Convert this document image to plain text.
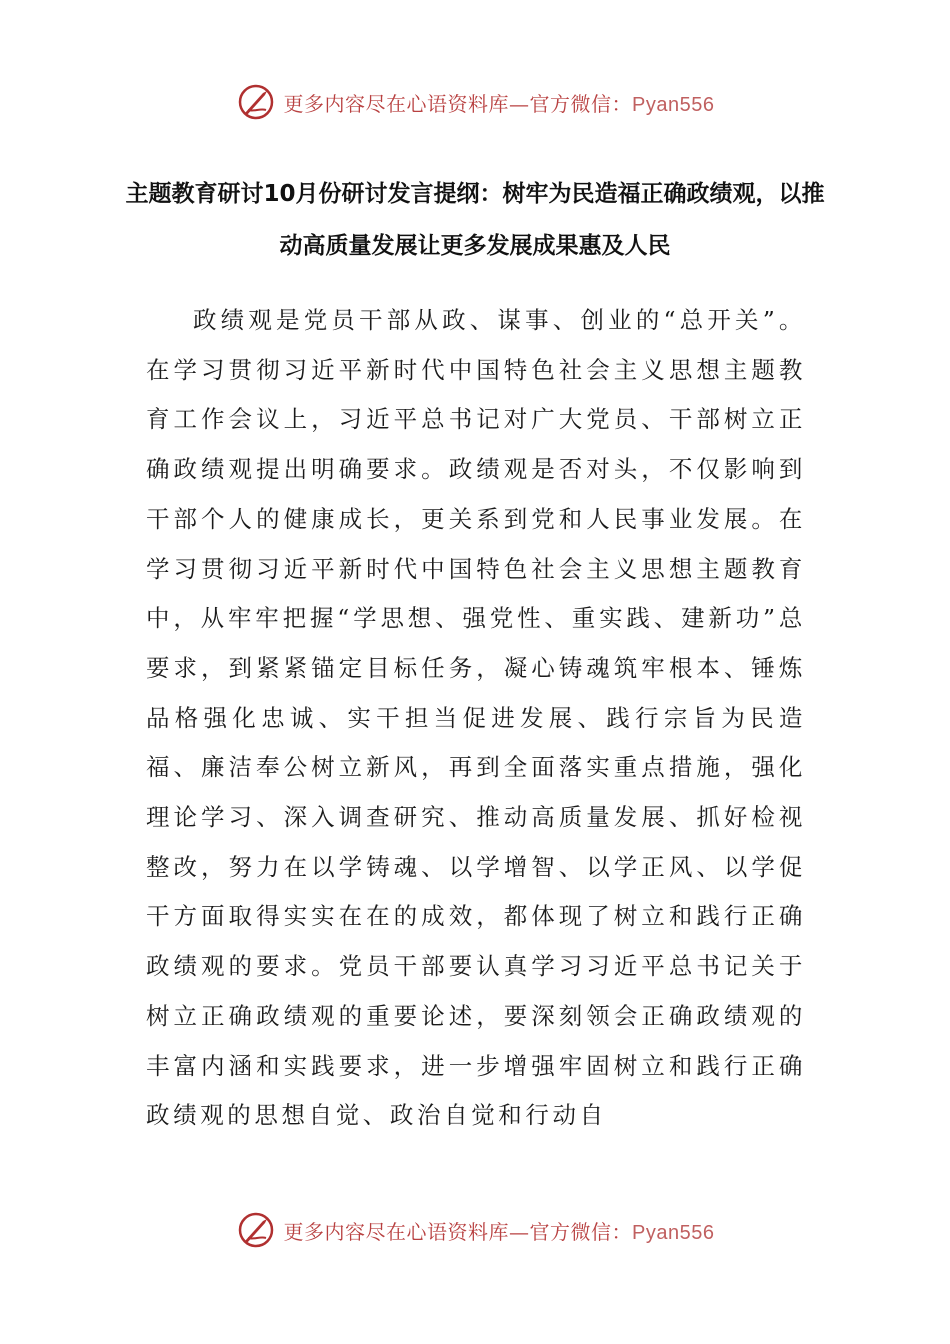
更多内容尽在心语资料库—官方微信：Pyan556
主题教育研讨10月份研讨发言提纲：树牢为民造福正确政绩观，以推动高质量发展让更多发展成果惠及人民

政绩观是党员干部从政、谋事、创业的“总开关”。在学习贯彻习近平新时代中国特色社会主义思想主题教育工作会议上，习近平总书记对广大党员、干部树立正确政绩观提出明确要求。政绩观是否对头，不仅影响到干部个人的健康成长，更关系到党和人民事业发展。在学习贯彻习近平新时代中国特色社会主义思想主题教育中，从牢牢把握“学思想、强党性、重实践、建新功”总要求，到紧紧锚定目标任务，凝心铸魂筑牢根本、锤炼品格强化忠诚、实干担当促进发展、践行宗旨为民造福、廉洁奉公树立新风，再到全面落实重点措施，强化理论学习、深入调查研究、推动高质量发展、抓好检视整改，努力在以学铸魂、以学增智、以学正风、以学促干方面取得实实在在的成效，都体现了树立和践行正确政绩观的要求。党员干部要认真学习习近平总书记关于树立正确政绩观的重要论述，要深刻领会正确政绩观的丰富内涵和实践要求，进一步增强牢固树立和践行正确政绩观的思想自觉、政治自觉和行动自

更多内容尽在心语资料库—官方微信：Pyan556
